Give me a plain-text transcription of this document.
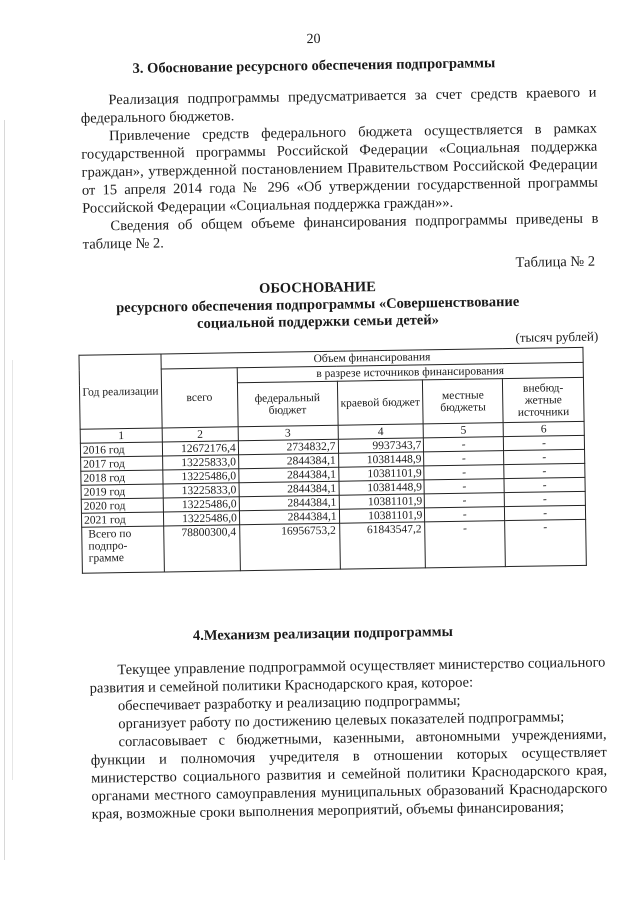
20
3. Обоснование ресурсного обеспечения подпрограммы
Реализация подпрограммы предусматривается за счет средств краевого и федерального бюджетов.
Привлечение средств федерального бюджета осуществляется в рамках государственной программы Российской Федерации «Социальная поддержка граждан», утвержденной постановлением Правительством Российской Федерации от 15 апреля 2014 года № 296 «Об утверждении государственной программы Российской Федерации «Социальная поддержка граждан»».
Сведения об общем объеме финансирования подпрограммы приведены в таблице № 2.
Таблица № 2
ОБОСНОВАНИЕ
ресурсного обеспечения подпрограммы «Совершенствование
социальной поддержки семьи детей»
(тысяч рублей)
Год реализации	Объем финансирования				
	всего	в разрезе источников финансирования			
		федеральный бюджет	краевой бюджет	местные бюджеты	внебюд-жетные источники
1	2	3	4	5	6
2016 год	12672176,4	2734832,7	9937343,7	-	-
2017 год	13225833,0	2844384,1	10381448,9	-	-
2018 год	13225486,0	2844384,1	10381101,9	-	-
2019 год	13225833,0	2844384,1	10381448,9	-	-
2020 год	13225486,0	2844384,1	10381101,9	-	-
2021 год	13225486,0	2844384,1	10381101,9	-	-
Всего по подпро-грамме	78800300,4	16956753,2	61843547,2	-	-
4.Механизм реализации подпрограммы
Текущее управление подпрограммой осуществляет министерство социального развития и семейной политики Краснодарского края, которое:
обеспечивает разработку и реализацию подпрограммы;
организует работу по достижению целевых показателей подпрограммы;
согласовывает с бюджетными, казенными, автономными учреждениями, функции и полномочия учредителя в отношении которых осуществляет министерство социального развития и семейной политики Краснодарского края, органами местного самоуправления муниципальных образований Краснодарского края, возможные сроки выполнения мероприятий, объемы финансирования;
